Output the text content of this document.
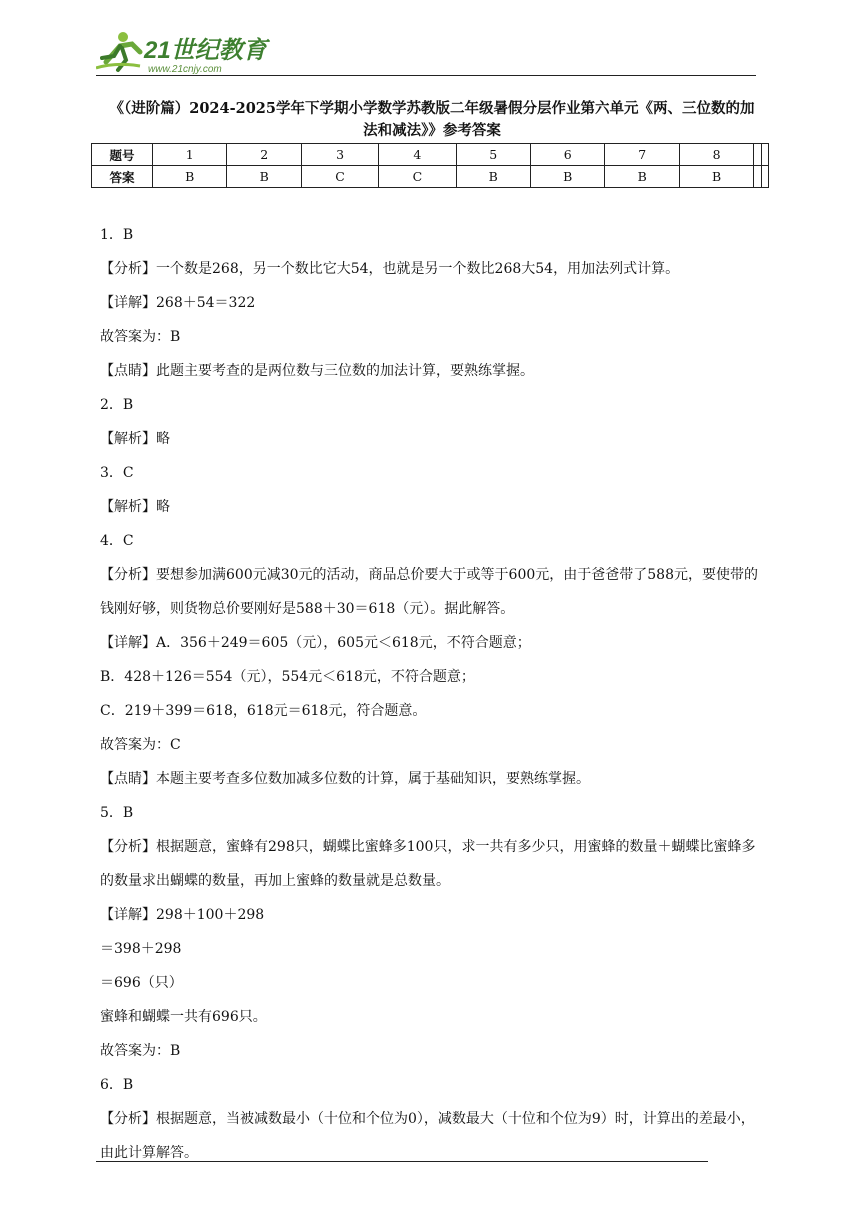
21世纪教育
www.21cnjy.com
《（进阶篇）2024-2025学年下学期小学数学苏教版二年级暑假分层作业第六单元《两、三位数的加
法和减法》》参考答案
题号	1	2	3	4	5	6	7	8		
答案	B	B	C	C	B	B	B	B		

1．B

【分析】一个数是268，另一个数比它大54，也就是另一个数比268大54，用加法列式计算。

【详解】268＋54＝322

故答案为：B

【点睛】此题主要考查的是两位数与三位数的加法计算，要熟练掌握。

2．B

【解析】略

3．C

【解析】略

4．C

【分析】要想参加满600元减30元的活动，商品总价要大于或等于600元，由于爸爸带了588元，要使带的钱刚好够，则货物总价要刚好是588＋30＝618（元）。据此解答。

【详解】A．356＋249＝605（元），605元＜618元，不符合题意；

B．428＋126＝554（元），554元＜618元，不符合题意；

C．219＋399＝618，618元＝618元，符合题意。

故答案为：C

【点睛】本题主要考查多位数加减多位数的计算，属于基础知识，要熟练掌握。

5．B

【分析】根据题意，蜜蜂有298只，蝴蝶比蜜蜂多100只，求一共有多少只，用蜜蜂的数量＋蝴蝶比蜜蜂多的数量求出蝴蝶的数量，再加上蜜蜂的数量就是总数量。

【详解】298＋100＋298

＝398＋298

＝696（只）

蜜蜂和蝴蝶一共有696只。

故答案为：B

6．B

【分析】根据题意，当被减数最小（十位和个位为0），减数最大（十位和个位为9）时，计算出的差最小，由此计算解答。
